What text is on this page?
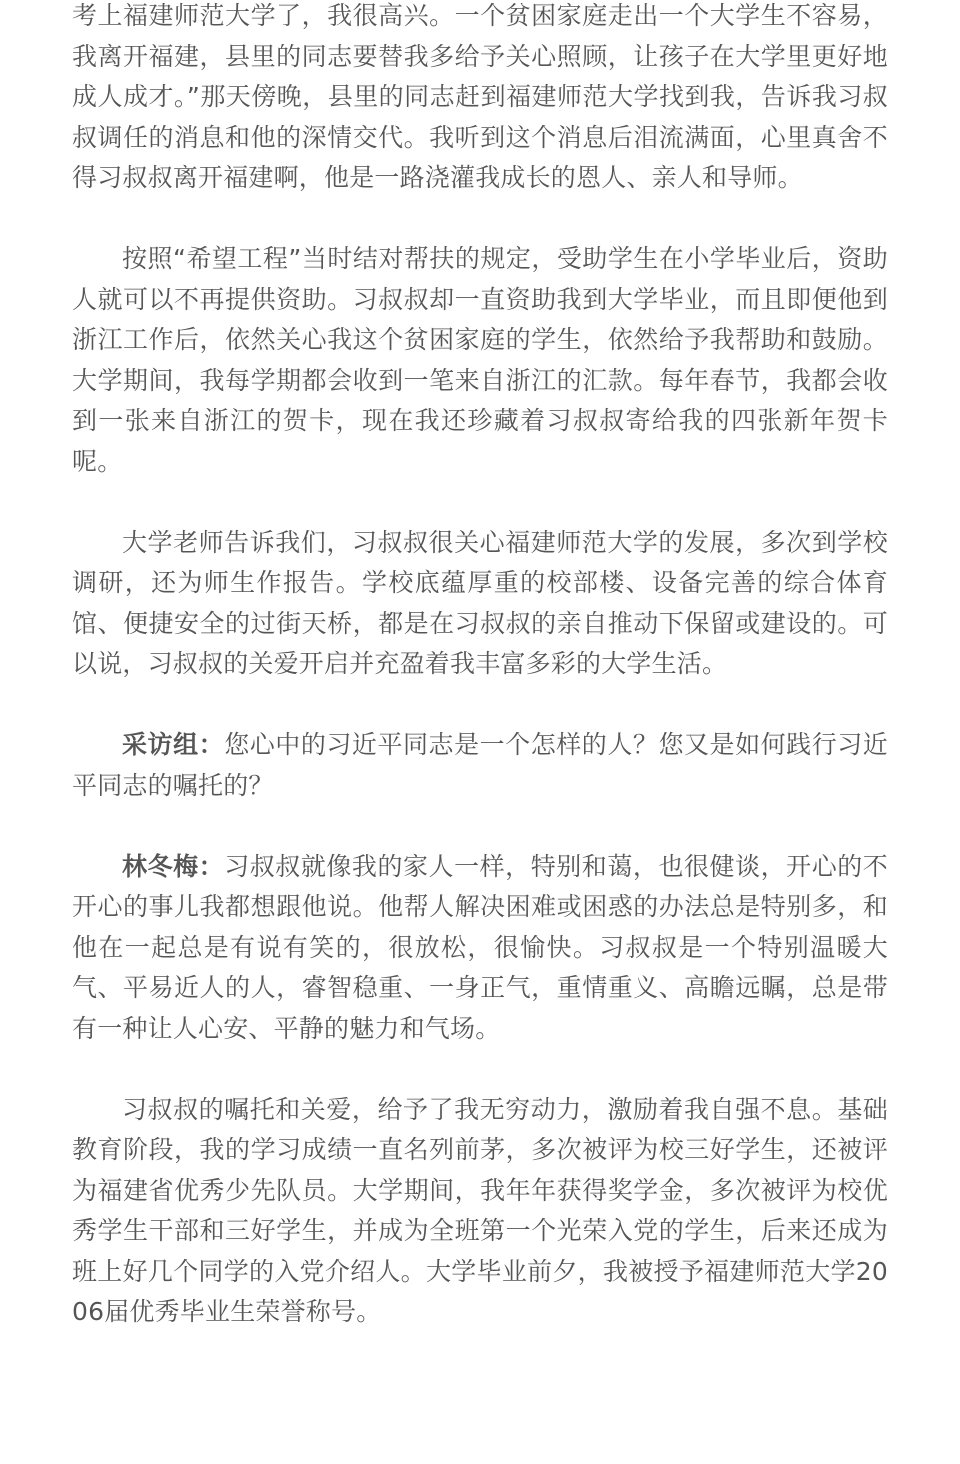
考上福建师范大学了，我很高兴。一个贫困家庭走出一个大学生不容易，我离开福建，县里的同志要替我多给予关心照顾，让孩子在大学里更好地成人成才。”那天傍晚，县里的同志赶到福建师范大学找到我，告诉我习叔叔调任的消息和他的深情交代。我听到这个消息后泪流满面，心里真舍不得习叔叔离开福建啊，他是一路浇灌我成长的恩人、亲人和导师。

按照“希望工程”当时结对帮扶的规定，受助学生在小学毕业后，资助人就可以不再提供资助。习叔叔却一直资助我到大学毕业，而且即便他到浙江工作后，依然关心我这个贫困家庭的学生，依然给予我帮助和鼓励。大学期间，我每学期都会收到一笔来自浙江的汇款。每年春节，我都会收到一张来自浙江的贺卡，现在我还珍藏着习叔叔寄给我的四张新年贺卡呢。

大学老师告诉我们，习叔叔很关心福建师范大学的发展，多次到学校调研，还为师生作报告。学校底蕴厚重的校部楼、设备完善的综合体育馆、便捷安全的过街天桥，都是在习叔叔的亲自推动下保留或建设的。可以说，习叔叔的关爱开启并充盈着我丰富多彩的大学生活。

采访组：您心中的习近平同志是一个怎样的人？您又是如何践行习近平同志的嘱托的？

林冬梅：习叔叔就像我的家人一样，特别和蔼，也很健谈，开心的不开心的事儿我都想跟他说。他帮人解决困难或困惑的办法总是特别多，和他在一起总是有说有笑的，很放松，很愉快。习叔叔是一个特别温暖大气、平易近人的人，睿智稳重、一身正气，重情重义、高瞻远瞩，总是带有一种让人心安、平静的魅力和气场。

习叔叔的嘱托和关爱，给予了我无穷动力，激励着我自强不息。基础教育阶段，我的学习成绩一直名列前茅，多次被评为校三好学生，还被评为福建省优秀少先队员。大学期间，我年年获得奖学金，多次被评为校优秀学生干部和三好学生，并成为全班第一个光荣入党的学生，后来还成为班上好几个同学的入党介绍人。大学毕业前夕，我被授予福建师范大学2006届优秀毕业生荣誉称号。
